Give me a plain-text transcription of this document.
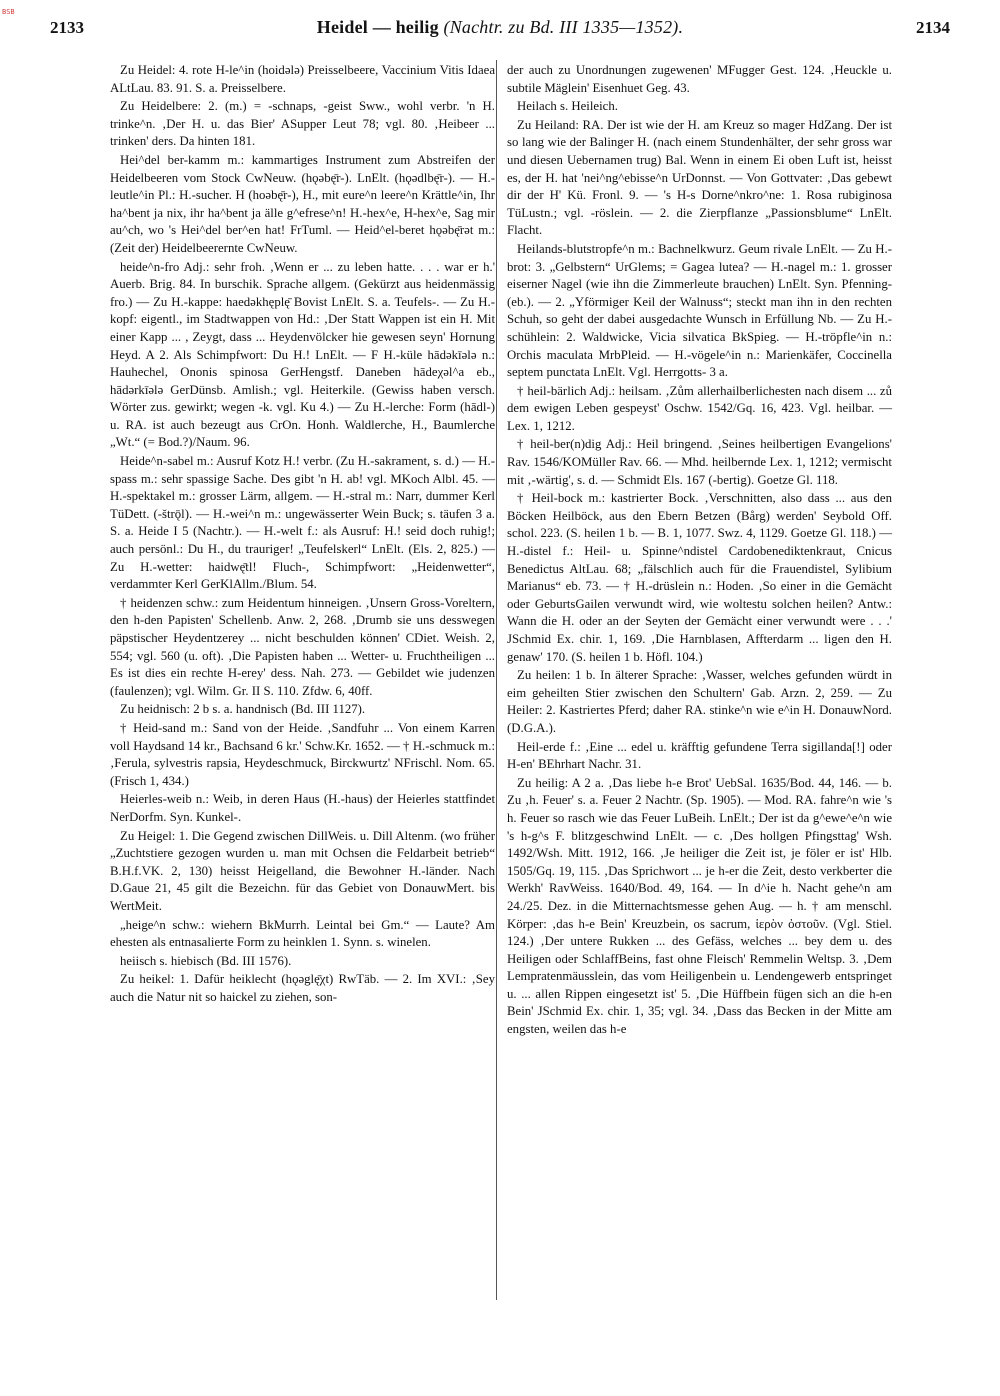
BSB
2133	Heidel — heilig (Nachtr. zu Bd. III 1335—1352).	2134

Zu Heidel: 4. rote H-le^in (hoidəlә) Preisselbeere, Vaccinium Vitis Idaea ALtLau. 83. 91. S. a. Preisselbere.

Zu Heidelbere: 2. (m.) = -schnaps, -geist Sww., wohl verbr. 'n H. trinke^n. ‚Der H. u. das Bier' ASupper Leut 78; vgl. 80. ‚Heibeer ... trinken' ders. Da hinten 181.

Hei^del ber-kamm m.: kammartiges Instrument zum Abstreifen der Heidelbeeren vom Stock CwNeuw. (hǫəbę̄r-). LnElt. (hǫədlbę̄r-). — H.-leutle^in Pl.: H.-sucher. H (hoəbę̄r-), H., mit eure^n leere^n Krättle^in, Ihr ha^bent ja nix, ihr ha^bent ja älle g^efrese^n! H.-hex^e, H-hex^e, Sag mir au^ch, wo 's Hei^del ber^en hat! FrTuml. — Heid^el-beret hǫəbę̄rət m.: (Zeit der) Heidelbeerernte CwNeuw.

heide^n-fro Adj.: sehr froh. ‚Wenn er ... zu leben hatte. . . . war er h.' Auerb. Brig. 84. In burschik. Sprache allgem. (Gekürzt aus heidenmässig fro.) — Zu H.-kappe: haedəkhęplę̄ Bovist LnElt. S. a. Teufels-. — Zu H.-kopf: eigentl., im Stadtwappen von Hd.: ‚Der Statt Wappen ist ein H. Mit einer Kapp ... , Zeygt, dass ... Heydenvölcker hie gewesen seyn' Hornung Heyd. A 2. Als Schimpfwort: Du H.! LnElt. — F H.-küle hādəkīələ n.: Hauhechel, Ononis spinosa GerHengstf. Daneben hādeχəl^a eb., hādərkīələ GerDünsb. Amlish.; vgl. Heiterkile. (Gewiss haben versch. Wörter zus. gewirkt; wegen -k. vgl. Ku 4.) — Zu H.-lerche: Form (hādl-) u. RA. ist auch bezeugt aus CrOn. Honh. Waldlerche, H., Baumlerche „Wt.“ (= Bod.?)/Naum. 96.

Heide^n-sabel m.: Ausruf Kotz H.! verbr. (Zu H.-sakrament, s. d.) — H.-spass m.: sehr spassige Sache. Des gibt 'n H. ab! vgl. MKoch Albl. 45. — H.-spektakel m.: grosser Lärm, allgem. — H.-stral m.: Narr, dummer Kerl TüDett. (-štrǭl). — H.-wei^n m.: ungewässerter Wein Buck; s. täufen 3 a. S. a. Heide I 5 (Nachtr.). — H.-welt f.: als Ausruf: H.! seid doch ruhig!; auch persönl.: Du H., du trauriger! „Teufelskerl“ LnElt. (Els. 2, 825.) — Zu H.-wetter: haidwę̄tl! Fluch-, Schimpfwort: „Heidenwetter“, verdammter Kerl GerKlAllm./Blum. 54.

† heidenzen schw.: zum Heidentum hinneigen. ‚Unsern Gross-Voreltern, den h-den Papisten' Schellenb. Anw. 2, 268. ‚Drumb sie uns desswegen päpstischer Heydentzerey ... nicht beschulden können' CDiet. Weish. 2, 554; vgl. 560 (u. oft). ‚Die Papisten haben ... Wetter- u. Fruchtheiligen ... Es ist dies ein rechte H-erey' dess. Nah. 273. — Gebildet wie judenzen (faulenzen); vgl. Wilm. Gr. II S. 110. Zfdw. 6, 40ff.

Zu heidnisch: 2 b s. a. handnisch (Bd. III 1127).

† Heid-sand m.: Sand von der Heide. ‚Sandfuhr ... Von einem Karren voll Haydsand 14 kr., Bachsand 6 kr.' Schw.Kr. 1652. — † H.-schmuck m.: ‚Ferula, sylvestris rapsia, Heydeschmuck, Birckwurtz' NFrischl. Nom. 65. (Frisch 1, 434.)

Heierles-weib n.: Weib, in deren Haus (H.-haus) der Heierles stattfindet NerDorfm. Syn. Kunkel-.

Zu Heigel: 1. Die Gegend zwischen DillWeis. u. Dill Altenm. (wo früher „Zuchtstiere gezogen wurden u. man mit Ochsen die Feldarbeit betrieb“ B.H.f.VK. 2, 130) heisst Heigelland, die Bewohner H.-länder. Nach D.Gaue 21, 45 gilt die Bezeichn. für das Gebiet von DonauwMert. bis WertMeit.

„heige^n schw.: wiehern BkMurrh. Leintal bei Gm.“ — Laute? Am ehesten als entnasalierte Form zu heinklen 1. Synn. s. winelen.

heiisch s. hiebisch (Bd. III 1576).

Zu heikel: 1. Dafür heiklecht (hǫəglę̄χt) RwTäb. — 2. Im XVI.: ‚Sey auch die Natur nit so haickel zu ziehen, son-

der auch zu Unordnungen zugewenen' MFugger Gest. 124. ‚Heuckle u. subtile Mäglein' Eisenhuet Geg. 43.

Heilach s. Heileich.

Zu Heiland: RA. Der ist wie der H. am Kreuz so mager HdZang. Der ist so lang wie der Balinger H. (nach einem Stundenhälter, der sehr gross war und diesen Uebernamen trug) Bal. Wenn in einem Ei oben Luft ist, heisst es, der H. hat 'nei^ng^ebisse^n UrDonnst. — Von Gottvater: ‚Das gebewt dir der H' Kü. Fronl. 9. — 's H-s Dorne^nkro^ne: 1. Rosa rubiginosa TüLustn.; vgl. -röslein. — 2. die Zierpflanze „Passionsblume“ LnElt. Flacht.

Heilands-blutstropfe^n m.: Bachnelkwurz. Geum rivale LnElt. — Zu H.-brot: 3. „Gelbstern“ UrGlems; = Gagea lutea? — H.-nagel m.: 1. grosser eiserner Nagel (wie ihn die Zimmerleute brauchen) LnElt. Syn. Pfenning- (eb.). — 2. „Yförmiger Keil der Walnuss“; steckt man ihn in den rechten Schuh, so geht der dabei ausgedachte Wunsch in Erfüllung Nb. — Zu H.-schühlein: 2. Waldwicke, Vicia silvatica BkSpieg. — H.-tröpfle^in n.: Orchis maculata MrbPleid. — H.-vögele^in n.: Marienkäfer, Coccinella septem punctata LnElt. Vgl. Herrgotts- 3 a.

† heil-bärlich Adj.: heilsam. ‚Zům allerhailberlichesten nach disem ... zů dem ewigen Leben gespeyst' Oschw. 1542/Gq. 16, 423. Vgl. heilbar. — Lex. 1, 1212.

† heil-ber(n)dig Adj.: Heil bringend. ‚Seines heilbertigen Evangelions' Rav. 1546/KOMüller Rav. 66. — Mhd. heilbernde Lex. 1, 1212; vermischt mit ‚-wärtig', s. d. — Schmidt Els. 167 (-bertig). Goetze Gl. 118.

† Heil-bock m.: kastrierter Bock. ‚Verschnitten, also dass ... aus den Böcken Heilböck, aus den Ebern Betzen (Bårg) werden' Seybold Off. schol. 223. (S. heilen 1 b. — B. 1, 1077. Swz. 4, 1129. Goetze Gl. 118.) — H.-distel f.: Heil- u. Spinne^ndistel Cardobenediktenkraut, Cnicus Benedictus AltLau. 68; „fälschlich auch für die Frauendistel, Sylibium Marianus“ eb. 73. — † H.-drüslein n.: Hoden. ‚So einer in die Gemächt oder GeburtsGailen verwundt wird, wie woltestu solchen heilen? Antw.: Wann die H. oder an der Seyten der Gemächt einer verwundt were . . .' JSchmid Ex. chir. 1, 169. ‚Die Harnblasen, Affterdarm ... ligen den H. genaw' 170. (S. heilen 1 b. Höfl. 104.)

Zu heilen: 1 b. In älterer Sprache: ‚Wasser, welches gefunden würdt in eim geheilten Stier zwischen den Schultern' Gab. Arzn. 2, 259. — Zu Heiler: 2. Kastriertes Pferd; daher RA. stinke^n wie e^in H. DonauwNord. (D.G.A.).

Heil-erde f.: ‚Eine ... edel u. kräfftig gefundene Terra sigillanda[!] oder H-en' BEhrhart Nachr. 31.

Zu heilig: A 2 a. ‚Das liebe h-e Brot' UebSal. 1635/Bod. 44, 146. — b. Zu ‚h. Feuer' s. a. Feuer 2 Nachtr. (Sp. 1905). — Mod. RA. fahre^n wie 's h. Feuer so rasch wie das Feuer LuBeih. LnElt.; Der ist da g^ewe^e^n wie 's h-g^s F. blitzgeschwind LnElt. — c. ‚Des hollgen Pfingsttag' Wsh. 1492/Wsh. Mitt. 1912, 166. ‚Je heiliger die Zeit ist, je föler er ist' Hlb. 1505/Gq. 19, 115. ‚Das Sprichwort ... je h-er die Zeit, desto verkberter die Werkh' RavWeiss. 1640/Bod. 49, 164. — In d^ie h. Nacht gehe^n am 24./25. Dez. in die Mitternachtsmesse gehen Aug. — h. † am menschl. Körper: ‚das h-e Bein' Kreuzbein, os sacrum, ἱερὸν ὀστοῦν. (Vgl. Stiel. 124.) ‚Der untere Rukken ... des Gefäss, welches ... bey dem u. des Heiligen oder SchlaffBeins, fast ohne Fleisch' Remmelin Weltsp. 3. ‚Dem Lempratenmäusslein, das vom Heiligenbein u. Lendengewerb entspringet u. ... allen Rippen eingesetzt ist' 5. ‚Die Hüffbein fügen sich an die h-en Bein' JSchmid Ex. chir. 1, 35; vgl. 34. ‚Dass das Becken in der Mitte am engsten, weilen das h-e
